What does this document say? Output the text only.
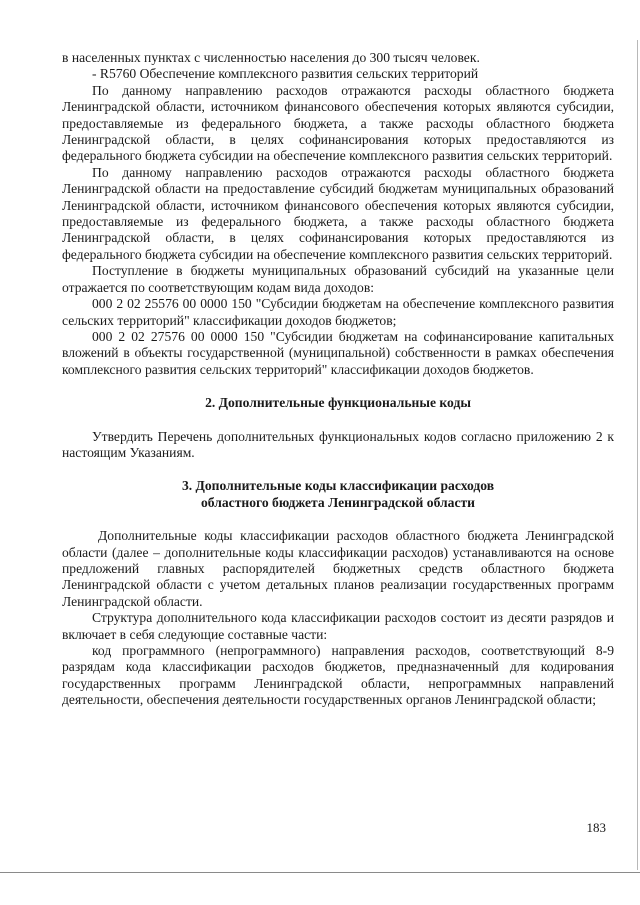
в населенных пунктах с численностью населения до 300 тысяч человек.

- R5760 Обеспечение комплексного развития сельских территорий

По данному направлению расходов отражаются расходы областного бюджета Ленинградской области, источником финансового обеспечения которых являются субсидии, предоставляемые из федерального бюджета, а также расходы областного бюджета Ленинградской области, в целях софинансирования которых предоставляются из федерального бюджета субсидии на обеспечение комплексного развития сельских территорий.

По данному направлению расходов отражаются расходы областного бюджета Ленинградской области на предоставление субсидий бюджетам муниципальных образований Ленинградской области, источником финансового обеспечения которых являются субсидии, предоставляемые из федерального бюджета, а также расходы областного бюджета Ленинградской области, в целях софинансирования которых предоставляются из федерального бюджета субсидии на обеспечение комплексного развития сельских территорий.

Поступление в бюджеты муниципальных образований субсидий на указанные цели отражается по соответствующим кодам вида доходов:

000 2 02 25576 00 0000 150 "Субсидии бюджетам на обеспечение комплексного развития сельских территорий" классификации доходов бюджетов;

000 2 02 27576 00 0000 150 "Субсидии бюджетам на софинансирование капитальных вложений в объекты государственной (муниципальной) собственности в рамках обеспечения комплексного развития сельских территорий" классификации доходов бюджетов.

2. Дополнительные функциональные коды

Утвердить Перечень дополнительных функциональных кодов согласно приложению 2 к настоящим Указаниям.

3. Дополнительные коды классификации расходов

областного бюджета Ленинградской области

Дополнительные коды классификации расходов областного бюджета Ленинградской области (далее – дополнительные коды классификации расходов) устанавливаются на основе предложений главных распорядителей бюджетных средств областного бюджета Ленинградской области с учетом детальных планов реализации государственных программ Ленинградской области.

Структура дополнительного кода классификации расходов состоит из десяти разрядов и включает в себя следующие составные части:

код программного (непрограммного) направления расходов, соответствующий 8-9 разрядам кода классификации расходов бюджетов, предназначенный для кодирования государственных программ Ленинградской области, непрограммных направлений деятельности, обеспечения деятельности государственных органов Ленинградской области;

183
